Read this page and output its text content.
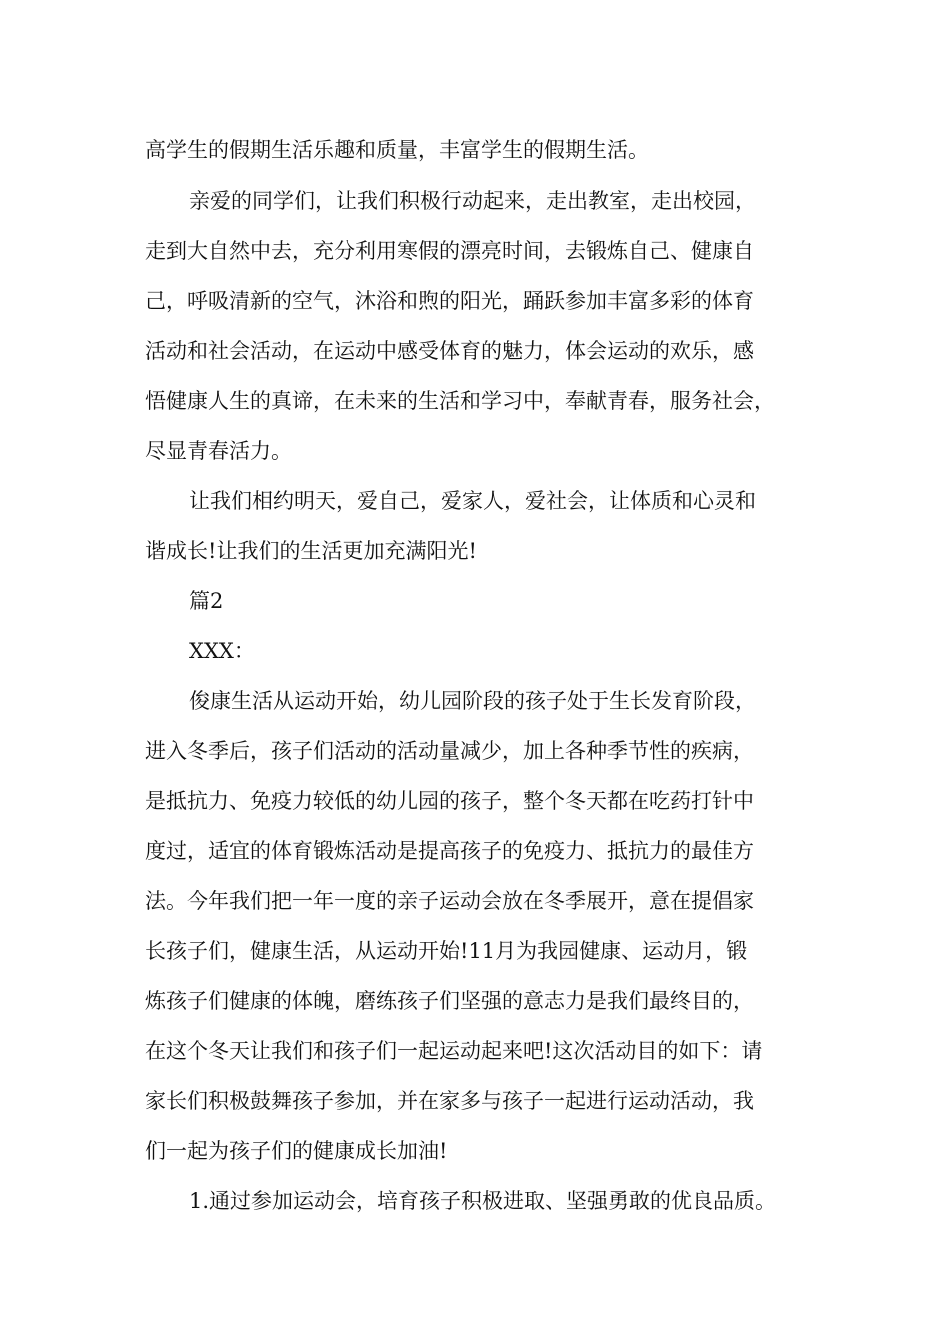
高学生的假期生活乐趣和质量，丰富学生的假期生活。
亲爱的同学们，让我们积极行动起来，走出教室，走出校园，
走到大自然中去，充分利用寒假的漂亮时间，去锻炼自己、健康自
己，呼吸清新的空气，沐浴和煦的阳光，踊跃参加丰富多彩的体育
活动和社会活动，在运动中感受体育的魅力，体会运动的欢乐，感
悟健康人生的真谛，在未来的生活和学习中，奉献青春，服务社会，
尽显青春活力。
让我们相约明天，爱自己，爱家人，爱社会，让体质和心灵和
谐成长!让我们的生活更加充满阳光!
篇2
XXX：
俊康生活从运动开始，幼儿园阶段的孩子处于生长发育阶段，
进入冬季后，孩子们活动的活动量减少，加上各种季节性的疾病，
是抵抗力、免疫力较低的幼儿园的孩子，整个冬天都在吃药打针中
度过，适宜的体育锻炼活动是提高孩子的免疫力、抵抗力的最佳方
法。今年我们把一年一度的亲子运动会放在冬季展开，意在提倡家
长孩子们，健康生活，从运动开始!11月为我园健康、运动月，锻
炼孩子们健康的体魄，磨练孩子们坚强的意志力是我们最终目的，
在这个冬天让我们和孩子们一起运动起来吧!这次活动目的如下：请
家长们积极鼓舞孩子参加，并在家多与孩子一起进行运动活动，我
们一起为孩子们的健康成长加油!
1.通过参加运动会，培育孩子积极进取、坚强勇敢的优良品质。
